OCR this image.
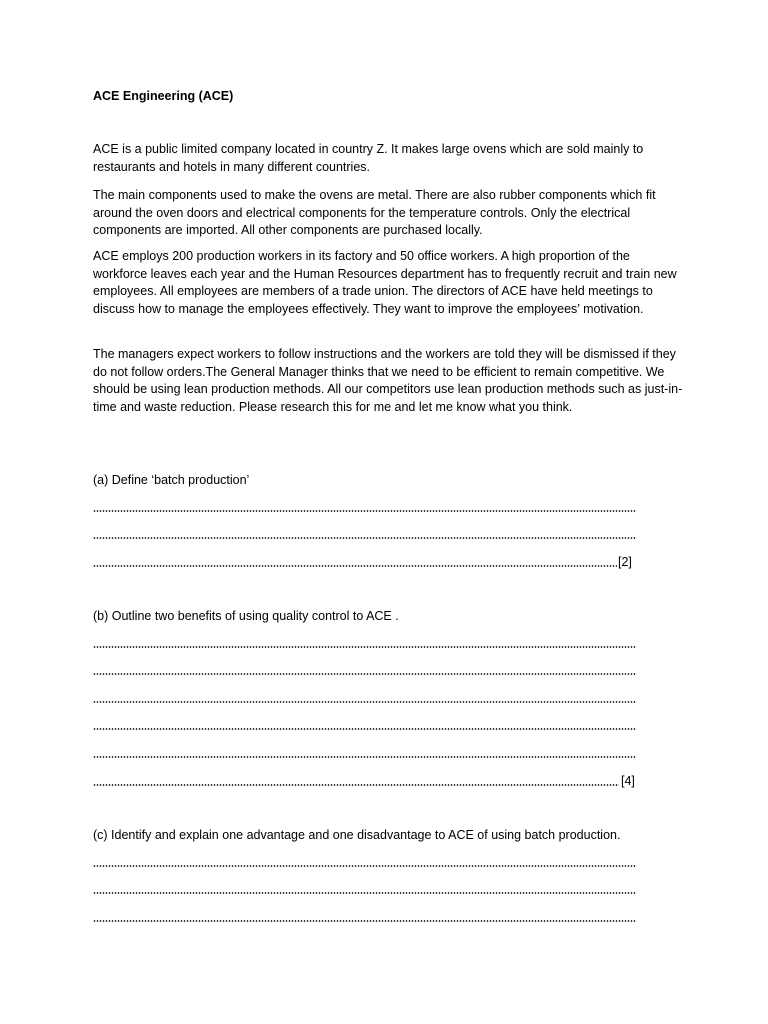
ACE Engineering (ACE)

ACE is a public limited company located in country Z. It makes large ovens which are sold mainly to restaurants and hotels in many different countries.

The main components used to make the ovens are metal. There are also rubber components which fit around the oven doors and electrical components for the temperature controls. Only the electrical components are imported. All other components are purchased locally.

ACE employs 200 production workers in its factory and 50 office workers. A high proportion of the workforce leaves each year and the Human Resources department has to frequently recruit and train new employees. All employees are members of a trade union. The directors of ACE have held meetings to discuss how to manage the employees effectively. They want to improve the employees’ motivation.

The managers expect workers to follow instructions and the workers are told they will be dismissed if they do not follow orders.The General Manager thinks that we need to be efficient to remain competitive. We should be using lean production methods. All our competitors use lean production methods such as just-in-time and waste reduction. Please research this for me and let me know what you think.

(a) Define ‘batch production’
[2]
(b) Outline two benefits of using quality control to ACE .
[4]
(c) Identify and explain one advantage and one disadvantage to ACE of using batch production.
